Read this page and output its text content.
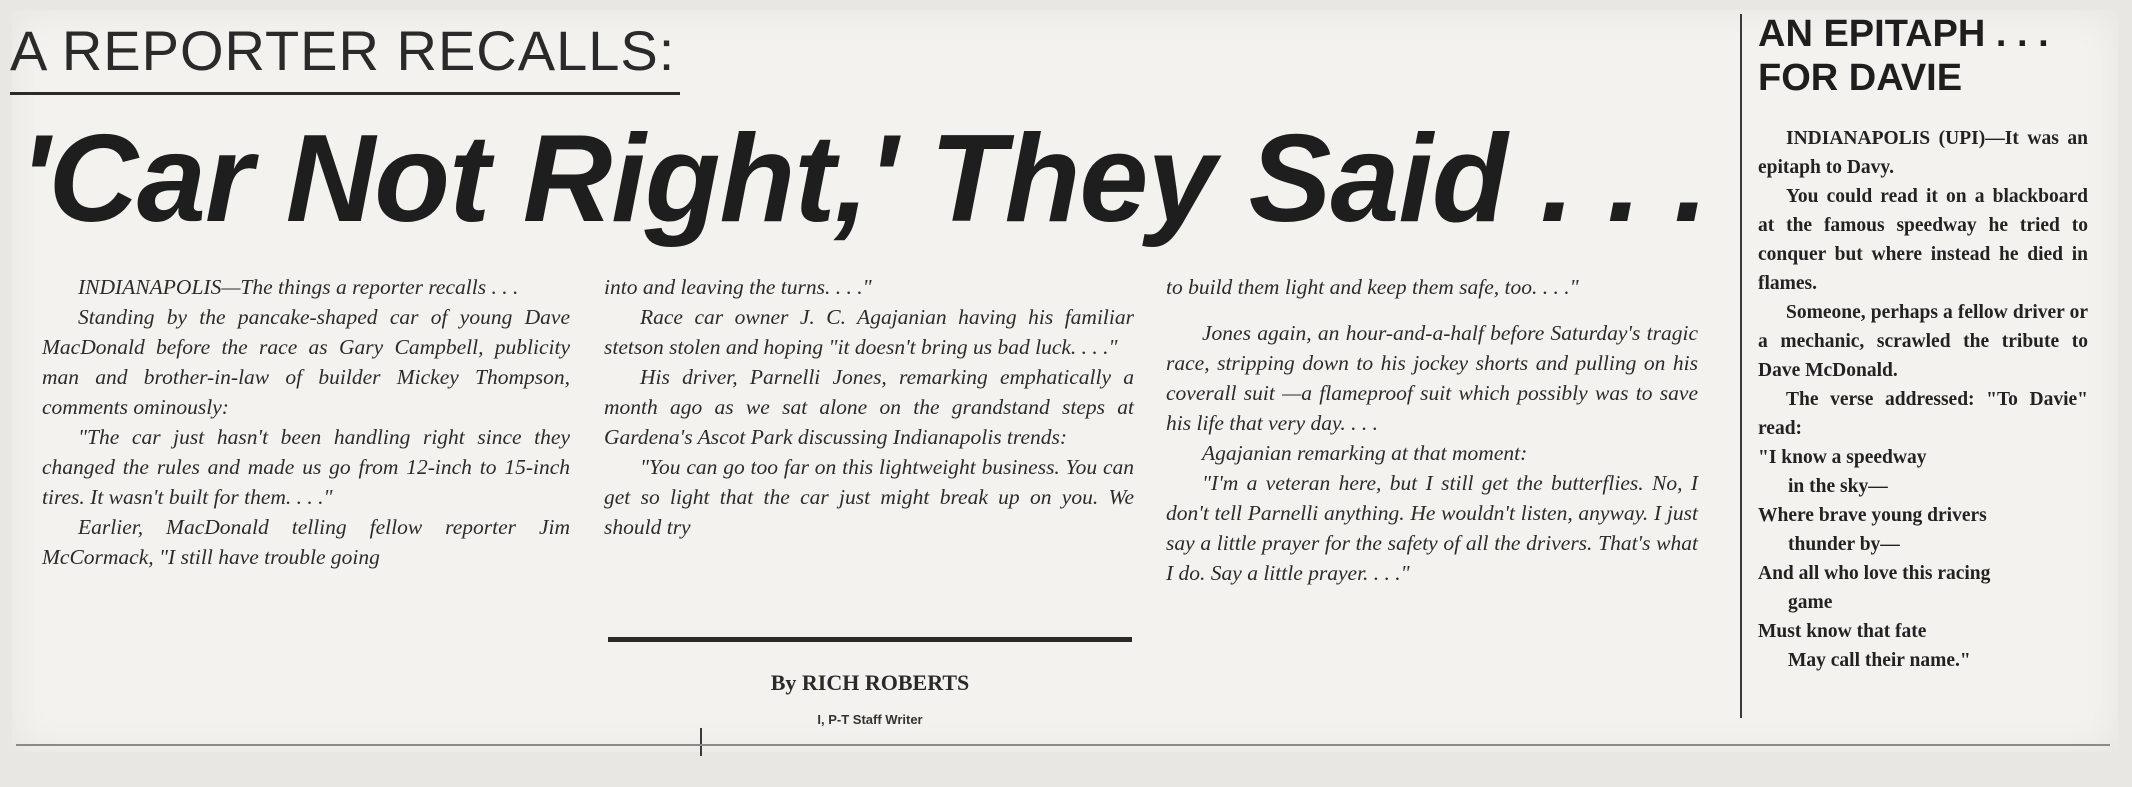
A REPORTER RECALLS:
'Car Not Right,' They Said . . .

INDIANAPOLIS—The things a reporter recalls . . .

Standing by the pancake-shaped car of young Dave MacDonald before the race as Gary Campbell, publicity man and brother-in-law of builder Mickey Thompson, comments ominously:

"The car just hasn't been handling right since they changed the rules and made us go from 12-inch to 15-inch tires. It wasn't built for them. . . ."

Earlier, MacDonald telling fellow reporter Jim McCormack, "I still have trouble going

into and leaving the turns. . . ."

Race car owner J. C. Agajanian having his familiar stetson stolen and hoping "it doesn't bring us bad luck. . . ."

His driver, Parnelli Jones, remarking emphatically a month ago as we sat alone on the grandstand steps at Gardena's Ascot Park discussing Indianapolis trends:

"You can go too far on this lightweight business. You can get so light that the car just might break up on you. We should try

By RICH ROBERTS
I, P-T Staff Writer

to build them light and keep them safe, too. . . ."

Jones again, an hour-and-a-half before Saturday's tragic race, stripping down to his jockey shorts and pulling on his coverall suit —a flameproof suit which possibly was to save his life that very day. . . .

Agajanian remarking at that moment:

"I'm a veteran here, but I still get the butterflies. No, I don't tell Parnelli anything. He wouldn't listen, anyway. I just say a little prayer for the safety of all the drivers. That's what I do. Say a little prayer. . . ."

AN EPITAPH . . .
FOR DAVIE

INDIANAPOLIS (UPI)—It was an epitaph to Davy.

You could read it on a blackboard at the famous speedway he tried to conquer but where instead he died in flames.

Someone, perhaps a fellow driver or a mechanic, scrawled the tribute to Dave McDonald.

The verse addressed: "To Davie" read:

"I know a speedway
in the sky—
Where brave young drivers
thunder by—
And all who love this racing
game
Must know that fate
May call their name."
